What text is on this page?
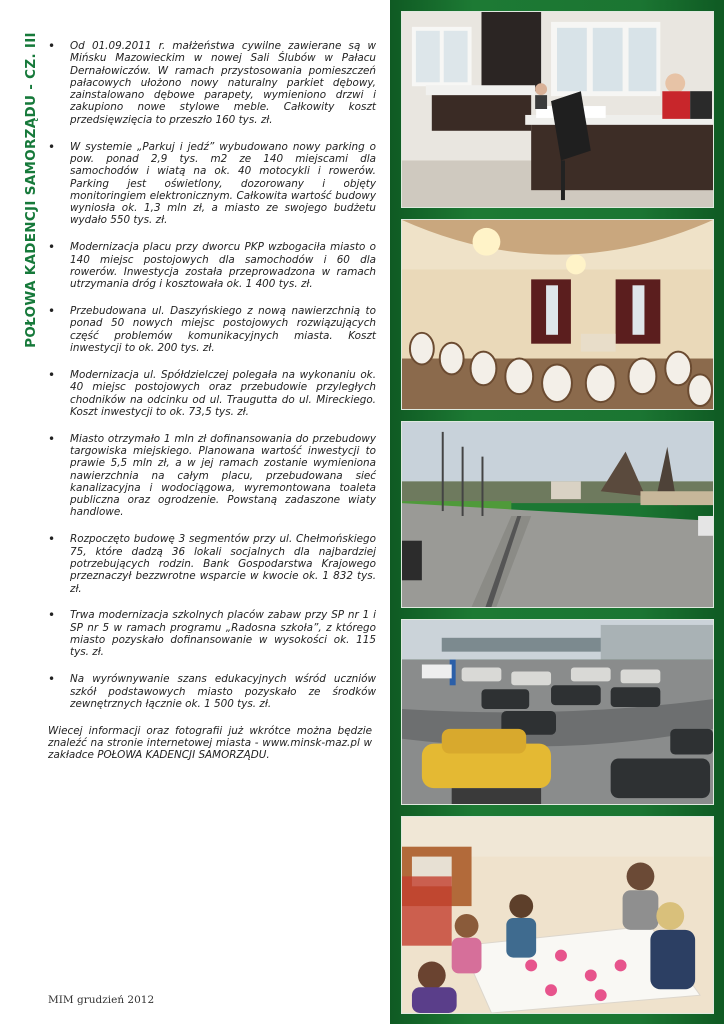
POŁOWA KADENCJI SAMORZĄDU - CZ. III • Od 01.09.2011 r. małżeństwa cywilne zawierane są w Mińsku Mazowieckim w nowej Sali Ślubów w Pałacu Dernałowiczów. W ramach przystosowania pomieszczeń pałacowych ułożono nowy naturalny parkiet dębowy, zainstalowano dębowe parapety, wymieniono drzwi i zakupiono nowe stylowe meble. Całkowity koszt przedsięwzięcia to przeszło 160 tys. zł.
• W systemie „Parkuj i jedź” wybudowano nowy parking o pow. ponad 2,9 tys. m2 ze 140 miejscami dla samochodów i wiatą na ok. 40 motocykli i rowerów. Parking jest oświetlony, dozorowany i objęty monitoringiem elektronicznym. Całkowita wartość budowy wyniosła ok. 1,3 mln zł, a miasto ze swojego budżetu wydało 550 tys. zł.
• Modernizacja placu przy dworcu PKP wzbogaciła miasto o 140 miejsc postojowych dla samochodów i 60 dla rowerów. Inwestycja została przeprowadzona w ramach utrzymania dróg i kosztowała ok. 1 400 tys. zł.
• Przebudowana ul. Daszyńskiego z nową nawierzchnią to ponad 50 nowych miejsc postojowych rozwiązujących część problemów komunikacyjnych miasta. Koszt inwestycji to ok. 200 tys. zł.
• Modernizacja ul. Spółdzielczej polegała na wykonaniu ok. 40 miejsc postojowych oraz przebudowie przyległych chodników na odcinku od ul. Traugutta do ul. Mireckiego. Koszt inwestycji to ok. 73,5 tys. zł.
• Miasto otrzymało 1 mln zł dofinansowania do przebudowy targowiska miejskiego. Planowana wartość inwestycji to prawie 5,5 mln zł, a w jej ramach zostanie wymieniona nawierzchnia na całym placu, przebudowana sieć kanalizacyjna i wodociągowa, wyremontowana toaleta publiczna oraz ogrodzenie. Powstaną zadaszone wiaty handlowe.
• Rozpoczęto budowę 3 segmentów przy ul. Chełmońskiego 75, które dadzą 36 lokali socjalnych dla najbardziej potrzebujących rodzin. Bank Gospodarstwa Krajowego przeznaczył bezzwrotne wsparcie w kwocie ok. 1 832 tys. zł.
• Trwa modernizacja szkolnych placów zabaw przy SP nr 1 i SP nr 5 w ramach programu „Radosna szkoła”, z którego miasto pozyskało dofinansowanie w wysokości ok. 115 tys. zł.
• Na wyrównywanie szans edukacyjnych wśród uczniów szkół podstawowych miasto pozyskało ze środków zewnętrznych łącznie ok. 1 500 tys. zł.

Wiecej informacji oraz fotografii już wkrótce można będzie znaleźć na stronie internetowej miasta - www.minsk-maz.pl w zakładce POŁOWA KADENCJI SAMORZĄDU.

MIM grudzień 2012
